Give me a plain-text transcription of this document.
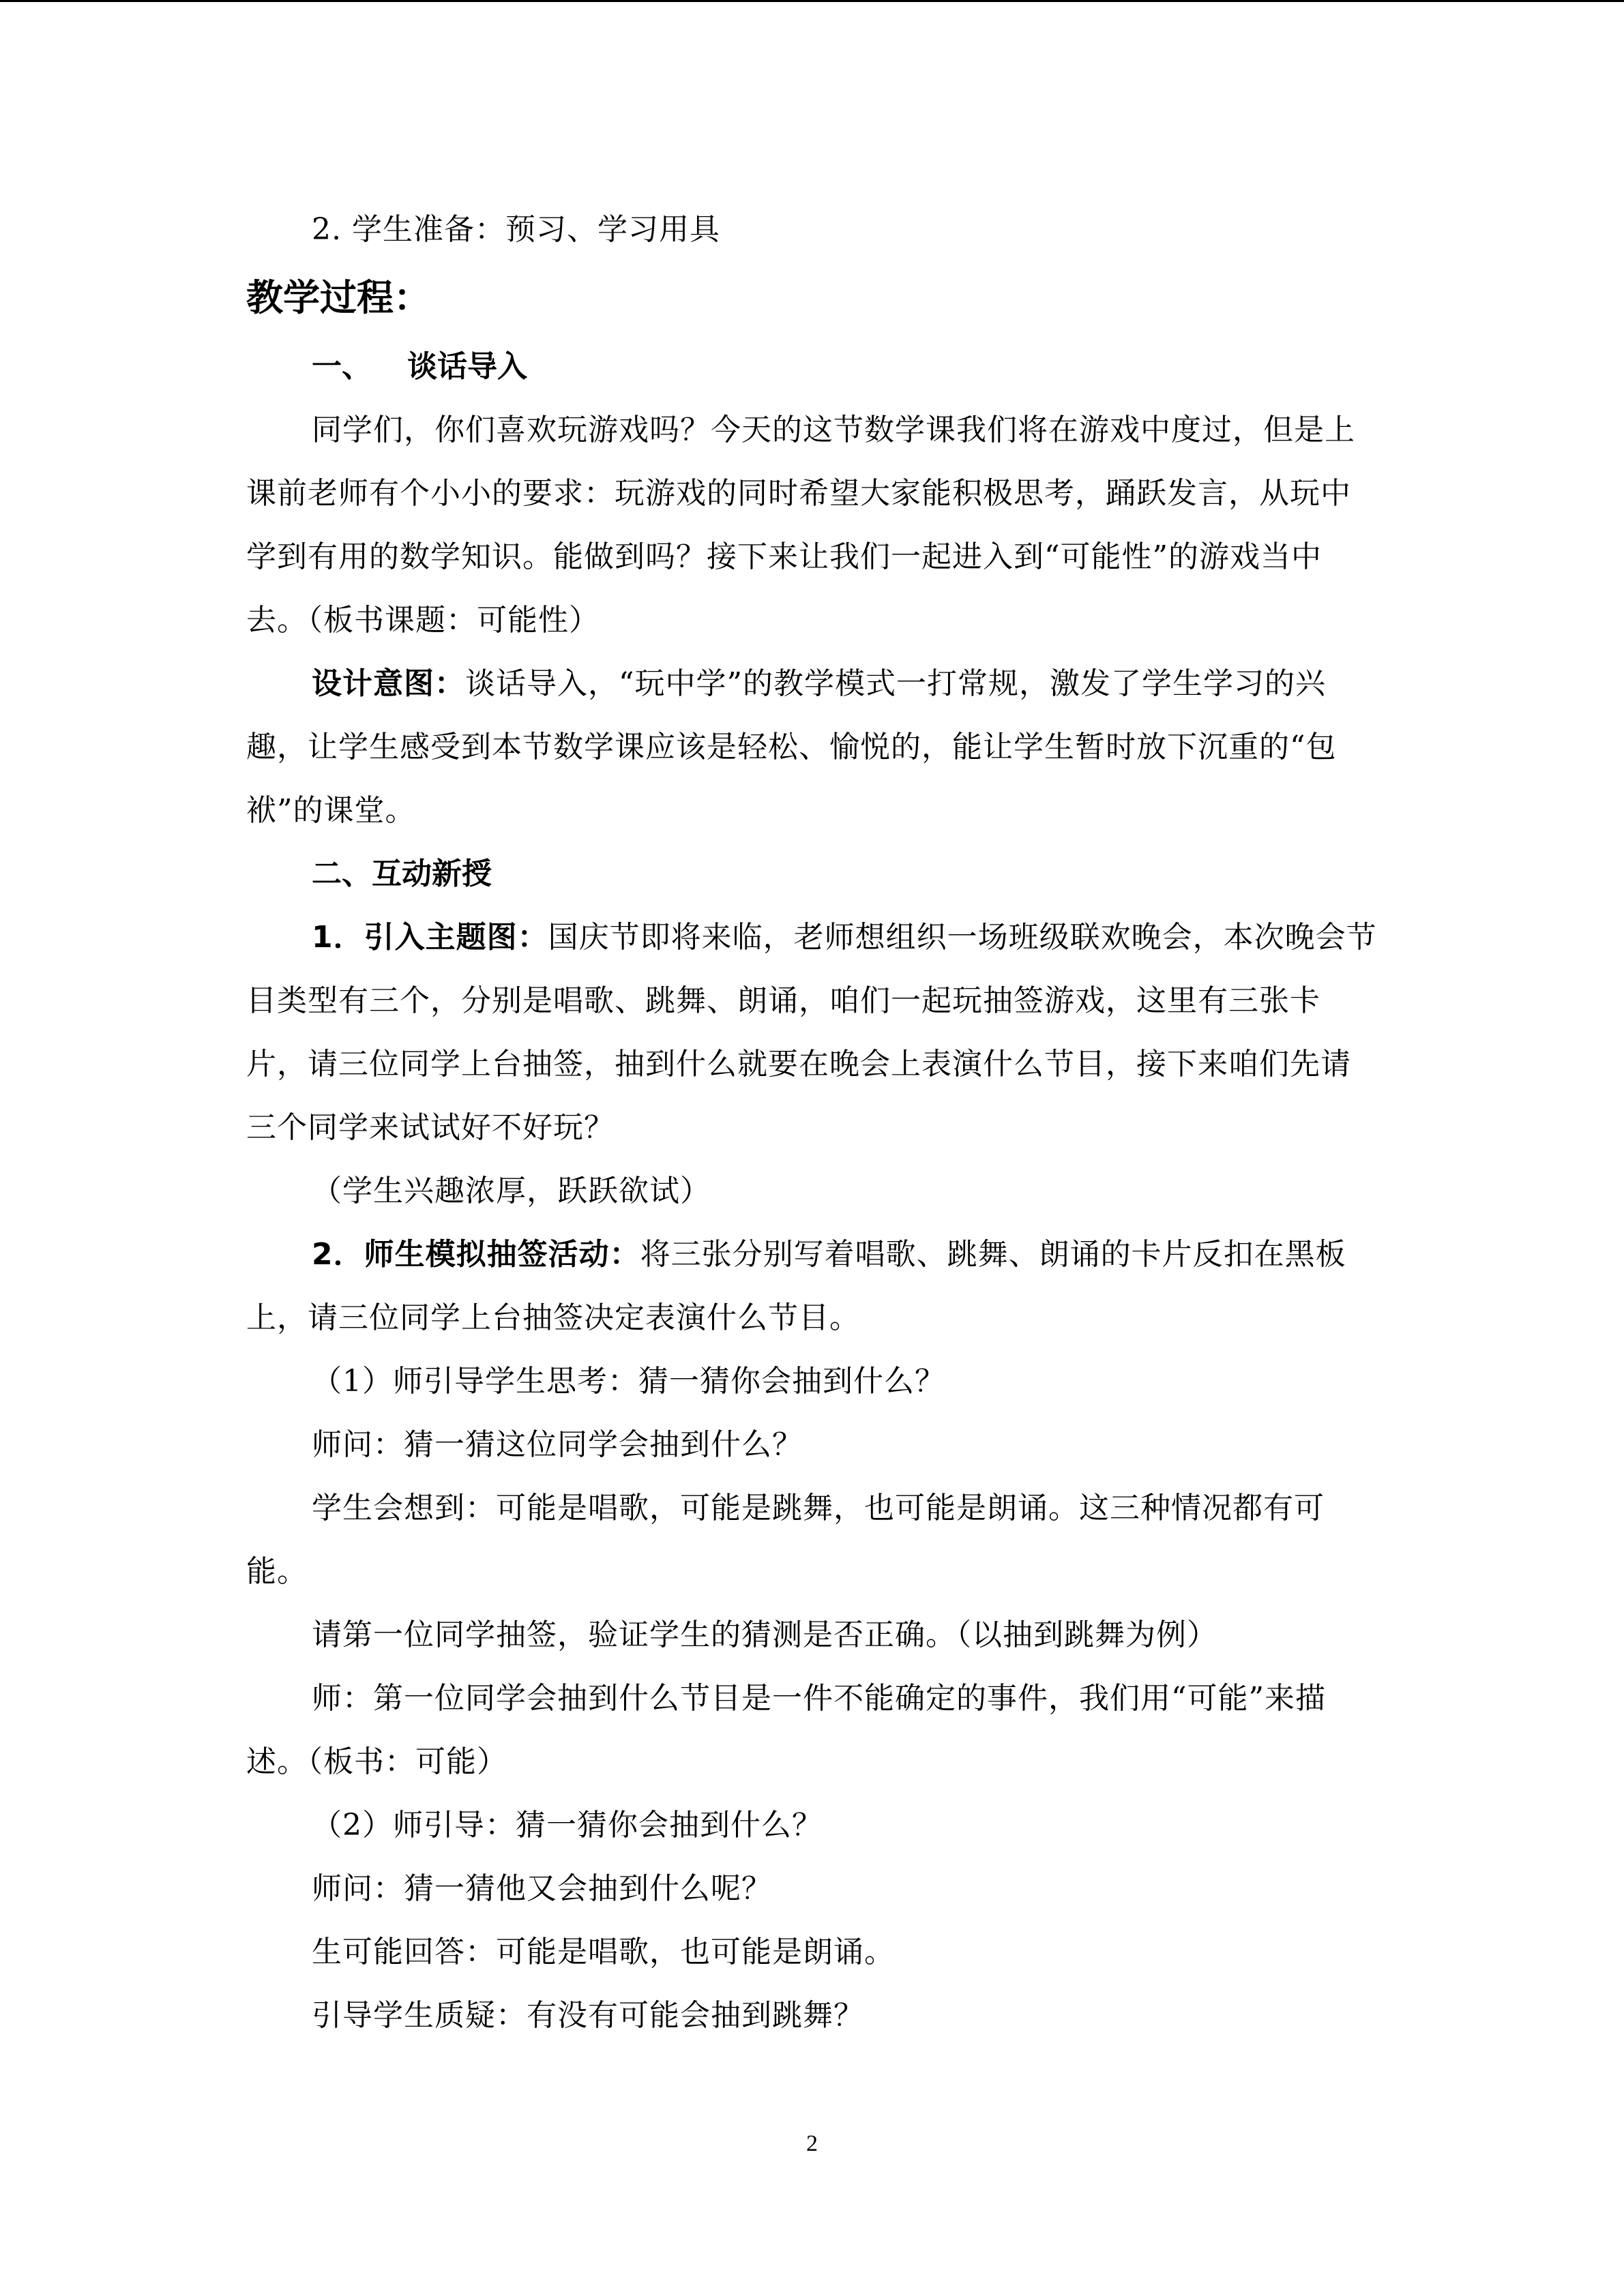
2. 学生准备：预习、学习用具

教学过程：

一、 谈话导入

同学们，你们喜欢玩游戏吗？今天的这节数学课我们将在游戏中度过，但是上课前老师有个小小的要求：玩游戏的同时希望大家能积极思考，踊跃发言，从玩中学到有用的数学知识。能做到吗？接下来让我们一起进入到“可能性”的游戏当中去。（板书课题：可能性）

设计意图：谈话导入，“玩中学”的教学模式一打常规，激发了学生学习的兴趣，让学生感受到本节数学课应该是轻松、愉悦的，能让学生暂时放下沉重的“包袱”的课堂。

二、互动新授

1．引入主题图：国庆节即将来临，老师想组织一场班级联欢晚会，本次晚会节目类型有三个，分别是唱歌、跳舞、朗诵，咱们一起玩抽签游戏，这里有三张卡片，请三位同学上台抽签，抽到什么就要在晚会上表演什么节目，接下来咱们先请三个同学来试试好不好玩？

（学生兴趣浓厚，跃跃欲试）

2．师生模拟抽签活动：将三张分别写着唱歌、跳舞、朗诵的卡片反扣在黑板上，请三位同学上台抽签决定表演什么节目。

（1）师引导学生思考：猜一猜你会抽到什么？

师问：猜一猜这位同学会抽到什么？

学生会想到：可能是唱歌，可能是跳舞，也可能是朗诵。这三种情况都有可能。

请第一位同学抽签，验证学生的猜测是否正确。（以抽到跳舞为例）

师：第一位同学会抽到什么节目是一件不能确定的事件，我们用“可能”来描述。（板书：可能）

（2）师引导：猜一猜你会抽到什么？

师问：猜一猜他又会抽到什么呢？

生可能回答：可能是唱歌，也可能是朗诵。

引导学生质疑：有没有可能会抽到跳舞？

2
